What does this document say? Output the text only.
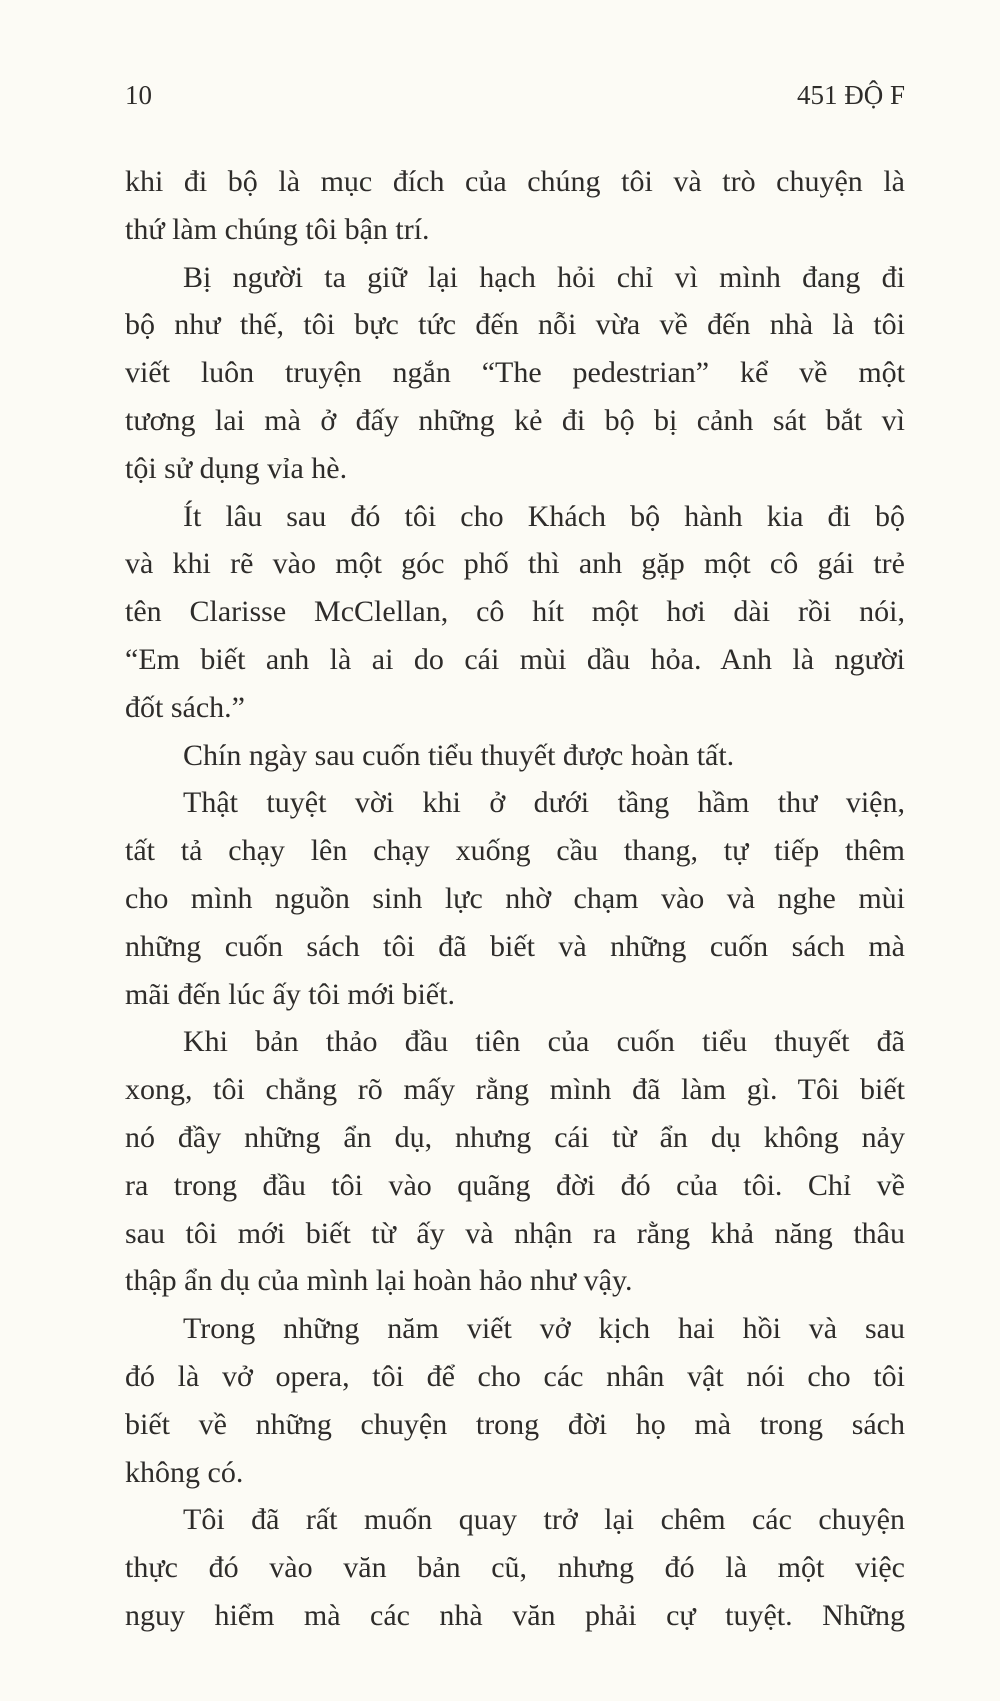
10	451 ĐỘ F
khi đi bộ là mục đích của chúng tôi và trò chuyện là
thứ làm chúng tôi bận trí.
Bị người ta giữ lại hạch hỏi chỉ vì mình đang đi
bộ như thế, tôi bực tức đến nỗi vừa về đến nhà là tôi
viết luôn truyện ngắn “The pedestrian” kể về một
tương lai mà ở đấy những kẻ đi bộ bị cảnh sát bắt vì
tội sử dụng vỉa hè.
Ít lâu sau đó tôi cho Khách bộ hành kia đi bộ
và khi rẽ vào một góc phố thì anh gặp một cô gái trẻ
tên Clarisse McClellan, cô hít một hơi dài rồi nói,
“Em biết anh là ai do cái mùi dầu hỏa. Anh là người
đốt sách.”
Chín ngày sau cuốn tiểu thuyết được hoàn tất.
Thật tuyệt vời khi ở dưới tầng hầm thư viện,
tất tả chạy lên chạy xuống cầu thang, tự tiếp thêm
cho mình nguồn sinh lực nhờ chạm vào và nghe mùi
những cuốn sách tôi đã biết và những cuốn sách mà
mãi đến lúc ấy tôi mới biết.
Khi bản thảo đầu tiên của cuốn tiểu thuyết đã
xong, tôi chẳng rõ mấy rằng mình đã làm gì. Tôi biết
nó đầy những ẩn dụ, nhưng cái từ ẩn dụ không nảy
ra trong đầu tôi vào quãng đời đó của tôi. Chỉ về
sau tôi mới biết từ ấy và nhận ra rằng khả năng thâu
thập ẩn dụ của mình lại hoàn hảo như vậy.
Trong những năm viết vở kịch hai hồi và sau
đó là vở opera, tôi để cho các nhân vật nói cho tôi
biết về những chuyện trong đời họ mà trong sách
không có.
Tôi đã rất muốn quay trở lại chêm các chuyện
thực đó vào văn bản cũ, nhưng đó là một việc
nguy hiểm mà các nhà văn phải cự tuyệt. Những
